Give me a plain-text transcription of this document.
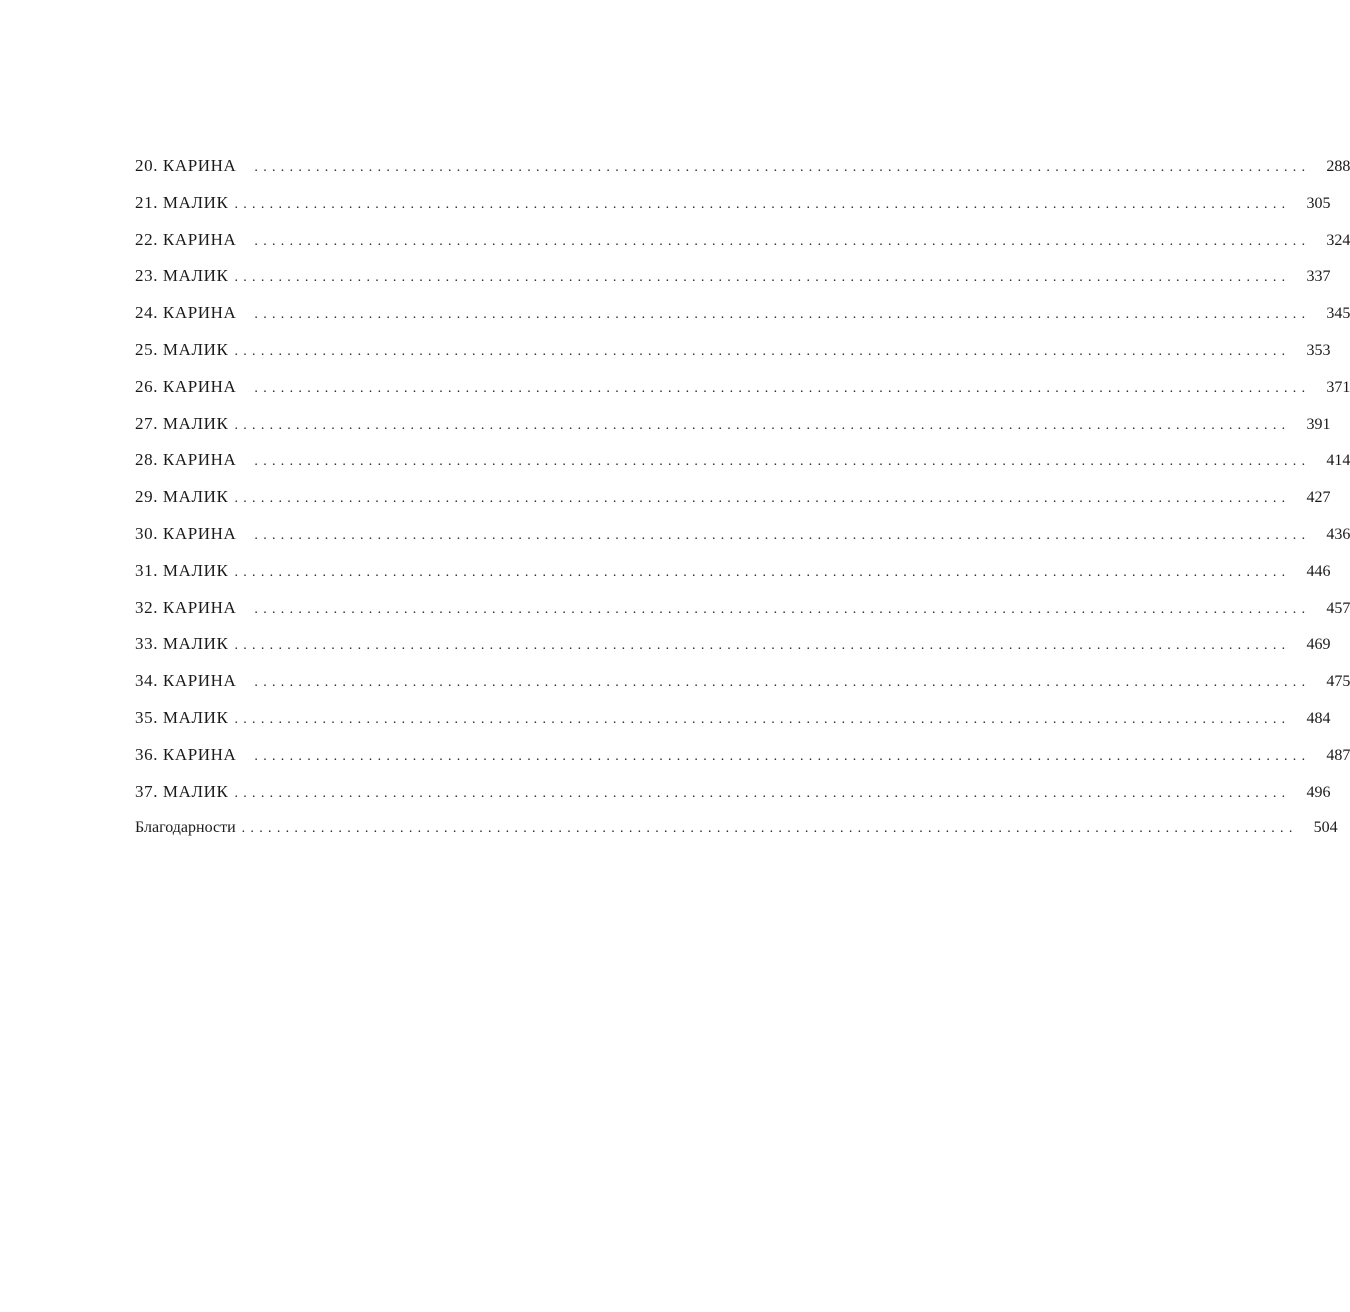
20. КАРИНА ........................................................................................................................	288
21. МАЛИК ........................................................................................................................	305
22. КАРИНА ........................................................................................................................	324
23. МАЛИК ........................................................................................................................	337
24. КАРИНА ........................................................................................................................	345
25. МАЛИК ........................................................................................................................	353
26. КАРИНА ........................................................................................................................	371
27. МАЛИК ........................................................................................................................	391
28. КАРИНА ........................................................................................................................	414
29. МАЛИК ........................................................................................................................	427
30. КАРИНА ........................................................................................................................	436
31. МАЛИК ........................................................................................................................	446
32. КАРИНА ........................................................................................................................	457
33. МАЛИК ........................................................................................................................	469
34. КАРИНА ........................................................................................................................	475
35. МАЛИК ........................................................................................................................	484
36. КАРИНА ........................................................................................................................	487
37. МАЛИК ........................................................................................................................	496
Благодарности ........................................................................................................................	504
